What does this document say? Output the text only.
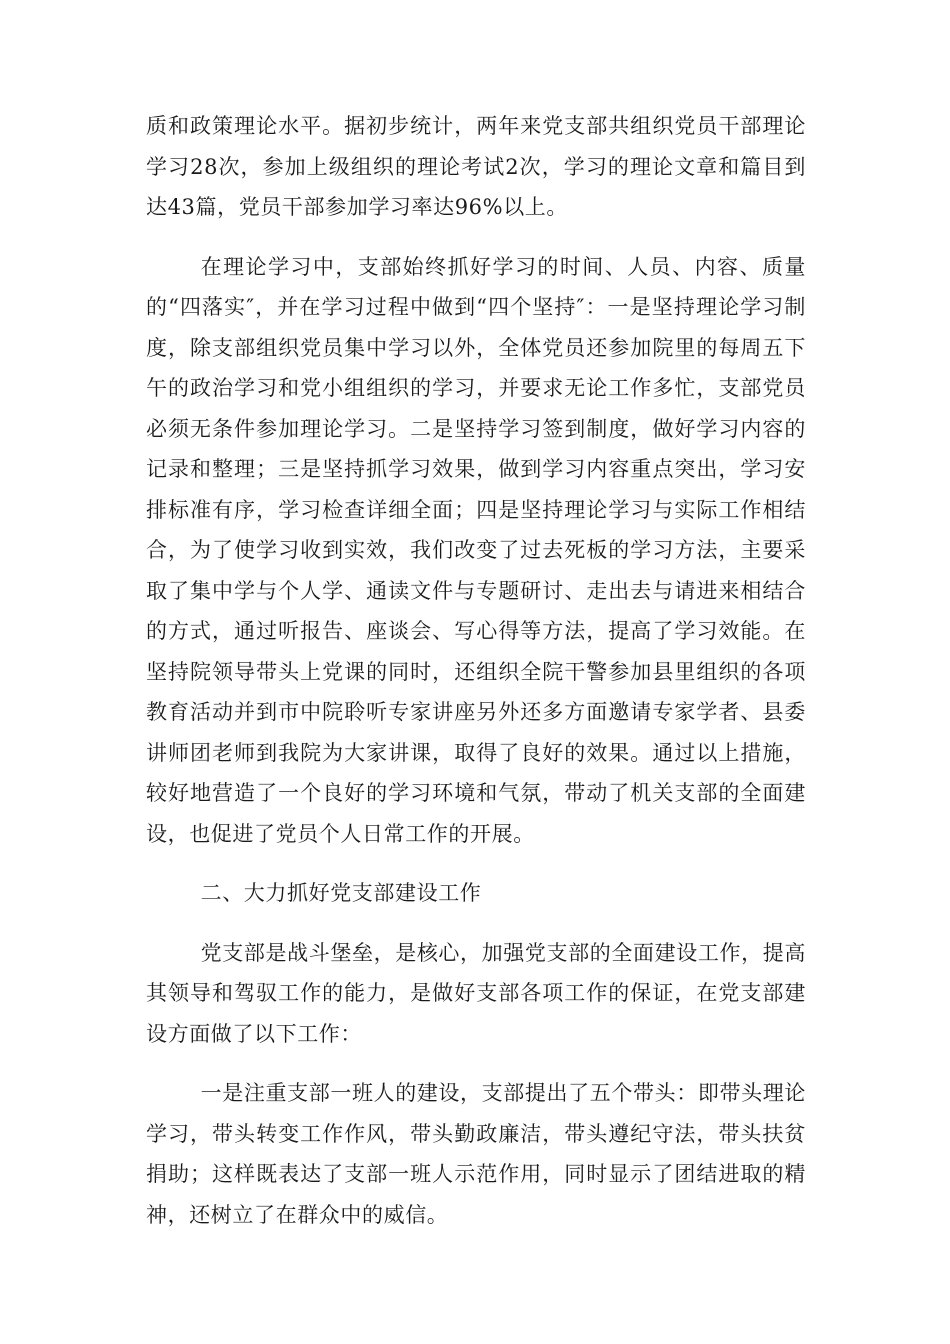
质和政策理论水平。据初步统计，两年来党支部共组织党员干部理论学习28次，参加上级组织的理论考试2次，学习的理论文章和篇目到达43篇，党员干部参加学习率达96%以上。

在理论学习中，支部始终抓好学习的时间、人员、内容、质量的“四落实″，并在学习过程中做到“四个坚持″：一是坚持理论学习制度，除支部组织党员集中学习以外，全体党员还参加院里的每周五下午的政治学习和党小组组织的学习，并要求无论工作多忙，支部党员必须无条件参加理论学习。二是坚持学习签到制度，做好学习内容的记录和整理；三是坚持抓学习效果，做到学习内容重点突出，学习安排标准有序，学习检查详细全面；四是坚持理论学习与实际工作相结合，为了使学习收到实效，我们改变了过去死板的学习方法，主要采取了集中学与个人学、通读文件与专题研讨、走出去与请进来相结合的方式，通过听报告、座谈会、写心得等方法，提高了学习效能。在坚持院领导带头上党课的同时，还组织全院干警参加县里组织的各项教育活动并到市中院聆听专家讲座另外还多方面邀请专家学者、县委讲师团老师到我院为大家讲课，取得了良好的效果。通过以上措施，较好地营造了一个良好的学习环境和气氛，带动了机关支部的全面建设，也促进了党员个人日常工作的开展。

二、大力抓好党支部建设工作

党支部是战斗堡垒，是核心，加强党支部的全面建设工作，提高其领导和驾驭工作的能力，是做好支部各项工作的保证，在党支部建设方面做了以下工作：

一是注重支部一班人的建设，支部提出了五个带头：即带头理论学习，带头转变工作作风，带头勤政廉洁，带头遵纪守法，带头扶贫捐助；这样既表达了支部一班人示范作用，同时显示了团结进取的精神，还树立了在群众中的威信。
